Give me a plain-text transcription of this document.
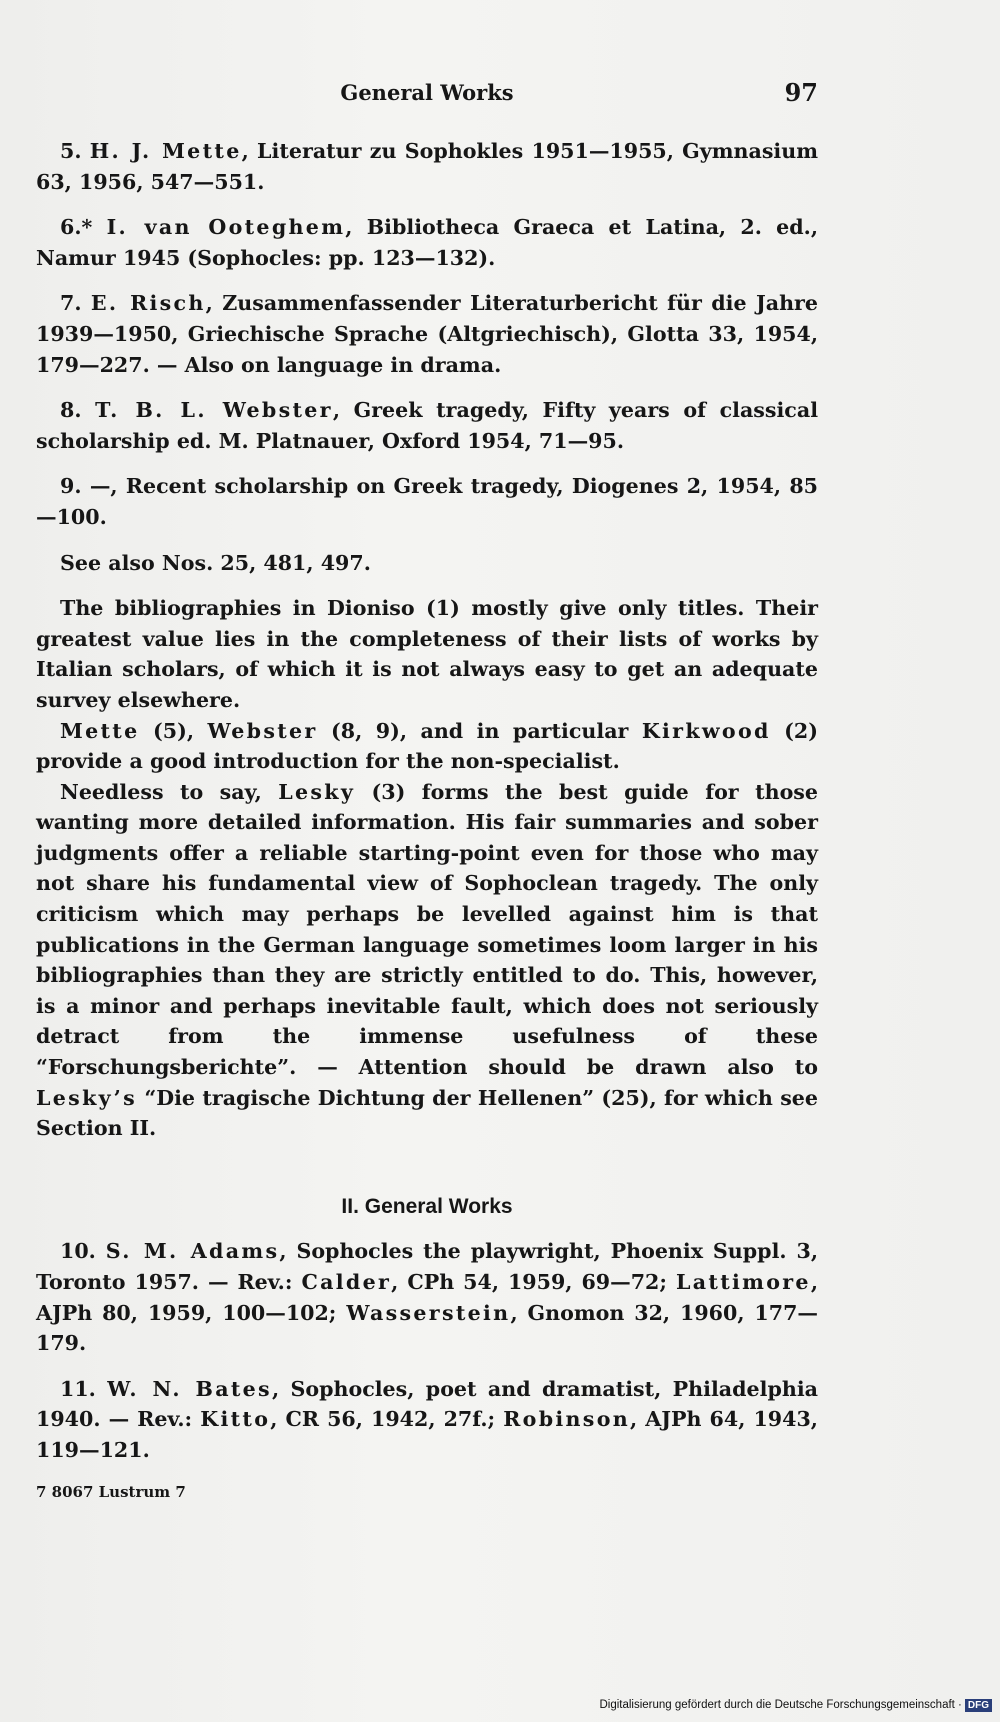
General Works	97

5. H. J. Mette, Literatur zu Sophokles 1951—1955, Gymnasium 63, 1956, 547—551.

6.* I. van Ooteghem, Bibliotheca Graeca et Latina, 2. ed., Namur 1945 (Sophocles: pp. 123—132).

7. E. Risch, Zusammenfassender Literaturbericht für die Jahre 1939—1950, Griechische Sprache (Altgriechisch), Glotta 33, 1954, 179—227. — Also on language in drama.

8. T. B. L. Webster, Greek tragedy, Fifty years of classical scholarship ed. M. Platnauer, Oxford 1954, 71—95.

9. —, Recent scholarship on Greek tragedy, Diogenes 2, 1954, 85—100.

See also Nos. 25, 481, 497.

The bibliographies in Dioniso (1) mostly give only titles. Their greatest value lies in the completeness of their lists of works by Italian scholars, of which it is not always easy to get an adequate survey elsewhere.

Mette (5), Webster (8, 9), and in particular Kirkwood (2) provide a good introduction for the non-specialist.

Needless to say, Lesky (3) forms the best guide for those wanting more detailed information. His fair summaries and sober judgments offer a reliable starting-point even for those who may not share his fundamental view of Sophoclean tragedy. The only criticism which may perhaps be levelled against him is that publications in the German language sometimes loom larger in his bibliographies than they are strictly entitled to do. This, however, is a minor and perhaps inevitable fault, which does not seriously detract from the immense usefulness of these “Forschungsberichte”. — Attention should be drawn also to Lesky’s “Die tragische Dichtung der Hellenen” (25), for which see Section II.

II. General Works

10. S. M. Adams, Sophocles the playwright, Phoenix Suppl. 3, Toronto 1957. — Rev.: Calder, CPh 54, 1959, 69—72; Lattimore, AJPh 80, 1959, 100—102; Wasserstein, Gnomon 32, 1960, 177—179.

11. W. N. Bates, Sophocles, poet and dramatist, Philadelphia 1940. — Rev.: Kitto, CR 56, 1942, 27f.; Robinson, AJPh 64, 1943, 119—121.

7 8067 Lustrum 7
Digitalisierung gefördert durch die Deutsche Forschungsgemeinschaft · DFG
